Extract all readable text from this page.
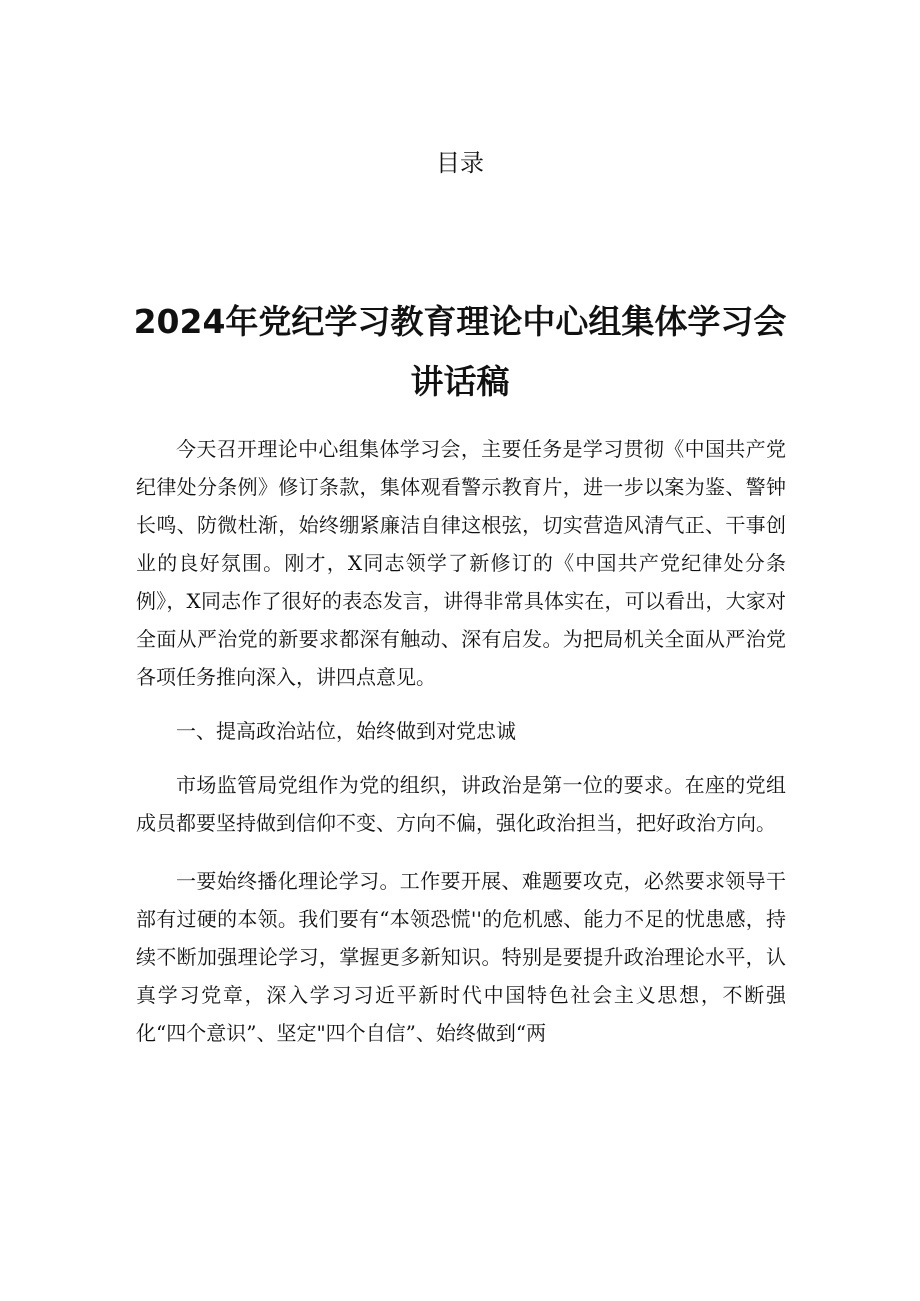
目录
2024年党纪学习教育理论中心组集体学习会讲话稿

今天召开理论中心组集体学习会，主要任务是学习贯彻《中国共产党纪律处分条例》修订条款，集体观看警示教育片，进一步以案为鉴、警钟长鸣、防微杜渐，始终绷紧廉洁自律这根弦，切实营造风清气正、干事创业的良好氛围。刚才，X同志领学了新修订的《中国共产党纪律处分条例》，X同志作了很好的表态发言，讲得非常具体实在，可以看出，大家对全面从严治党的新要求都深有触动、深有启发。为把局机关全面从严治党各项任务推向深入，讲四点意见。

一、提高政治站位，始终做到对党忠诚

市场监管局党组作为党的组织，讲政治是第一位的要求。在座的党组成员都要坚持做到信仰不变、方向不偏，强化政治担当，把好政治方向。

一要始终播化理论学习。工作要开展、难题要攻克，必然要求领导干部有过硬的本领。我们要有“本领恐慌''的危机感、能力不足的忧患感，持续不断加强理论学习，掌握更多新知识。特别是要提升政治理论水平，认真学习党章，深入学习习近平新时代中国特色社会主义思想，不断强化“四个意识”、坚定"四个自信”、始终做到“两
